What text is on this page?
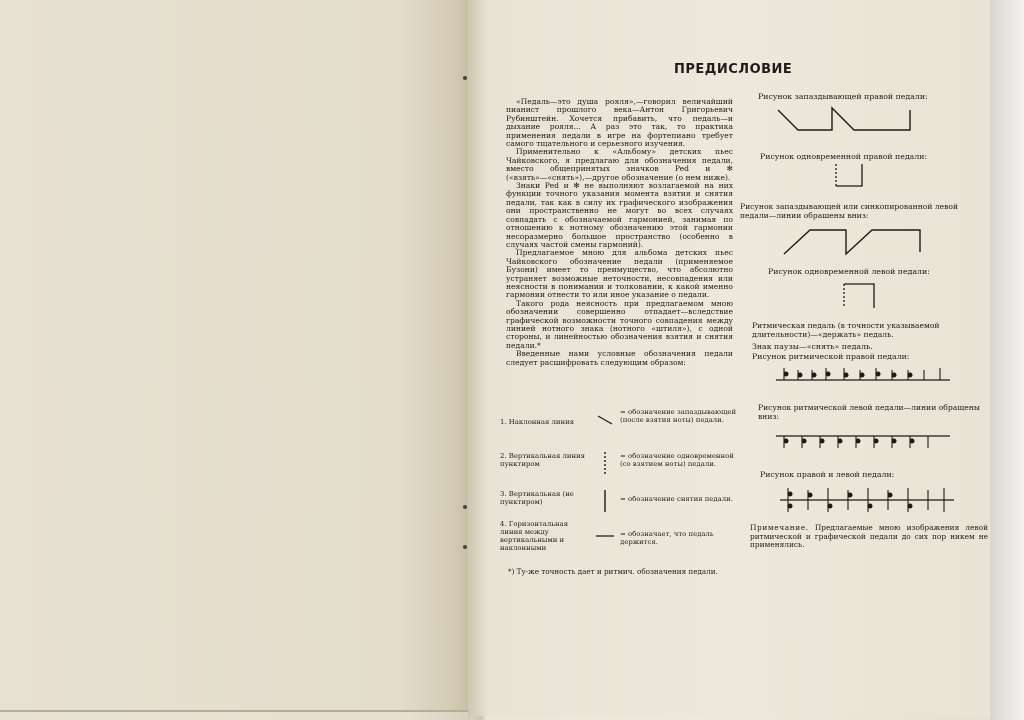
ПРЕДИСЛОВИЕ

«Педаль—это душа рояля»,—говорил величайший пианист прошлого века—Антон Григорьевич Рубинштейн. Хочется прибавить, что педаль—и дыхание рояля... А раз это так, то практика применения педали в игре на фортепиано требует самого тщательного и серьезного изучения.

Применительно к «Альбому» детских пьес Чайковского, я предлагаю для обозначения педали, вместо общепринятых значков Ped и ✻ («взять»—«снять»),—другое обозначение (о нем ниже).

Знаки Ped и ✻ не выполняют возлагаемой на них функции точного указания момента взятия и снятия педали, так как в силу их графического изображения они пространственно не могут во всех случаях совпадать с обозначаемой гармонией, занимая по отношению к нотному обозначению этой гармонии несоразмерно большое пространство (особенно в случаях частой смены гармоний).

Предлагаемое мною для альбома детских пьес Чайковского обозначение педали (применяемое Бузони) имеет то преимущество, что абсолютно устраняет возможные неточности, несовпадения или неясности в понимании и толковании, к какой именно гармонии отнести то или иное указание о педали.

Такого рода неясность при предлагаемом мною обозначении совершенно отпадает—вследствие графической возможности точного совпадения между линией нотного знака (нотного «штиля»), с одной стороны, и линейностью обозначения взятия и снятия педали.*

Введенные нами условные обозначения педали следует расшифровать следующим образом:

1. Наклонная линия
= обозначение запаздывающей (после взятия ноты) педали.
2. Вертикальная линия пунктиром
= обозначение одновременной (со взятием ноты) педали.
3. Вертикальная (не пунктиром)	= обозначение снятия педали.
4. Горизонтальная линия между вертикальными и наклонными
= обозначает, что педаль держится.
*) Ту-же точность дает и ритмич. обозначения педали.
Рисунок запаздывающей правой педали:
Рисунок одновременной правой педали:
Рисунок запаздывающей или синкопированной левой педали—линии обрашены вниз:
Рисунок одновременной левой педали:
Ритмическая педаль (в точности указываемой длительности)—«держать» педаль.
Знак паузы—«снять» педаль.
Рисунок ритмической правой педали:
Рисунок ритмической левой педали—линии обращены вниз:
Рисунок правой и левой педали:
Примечание. Предлагаемые мною изображения левой ритмической и графической педали до сих пор никем не применялись.
